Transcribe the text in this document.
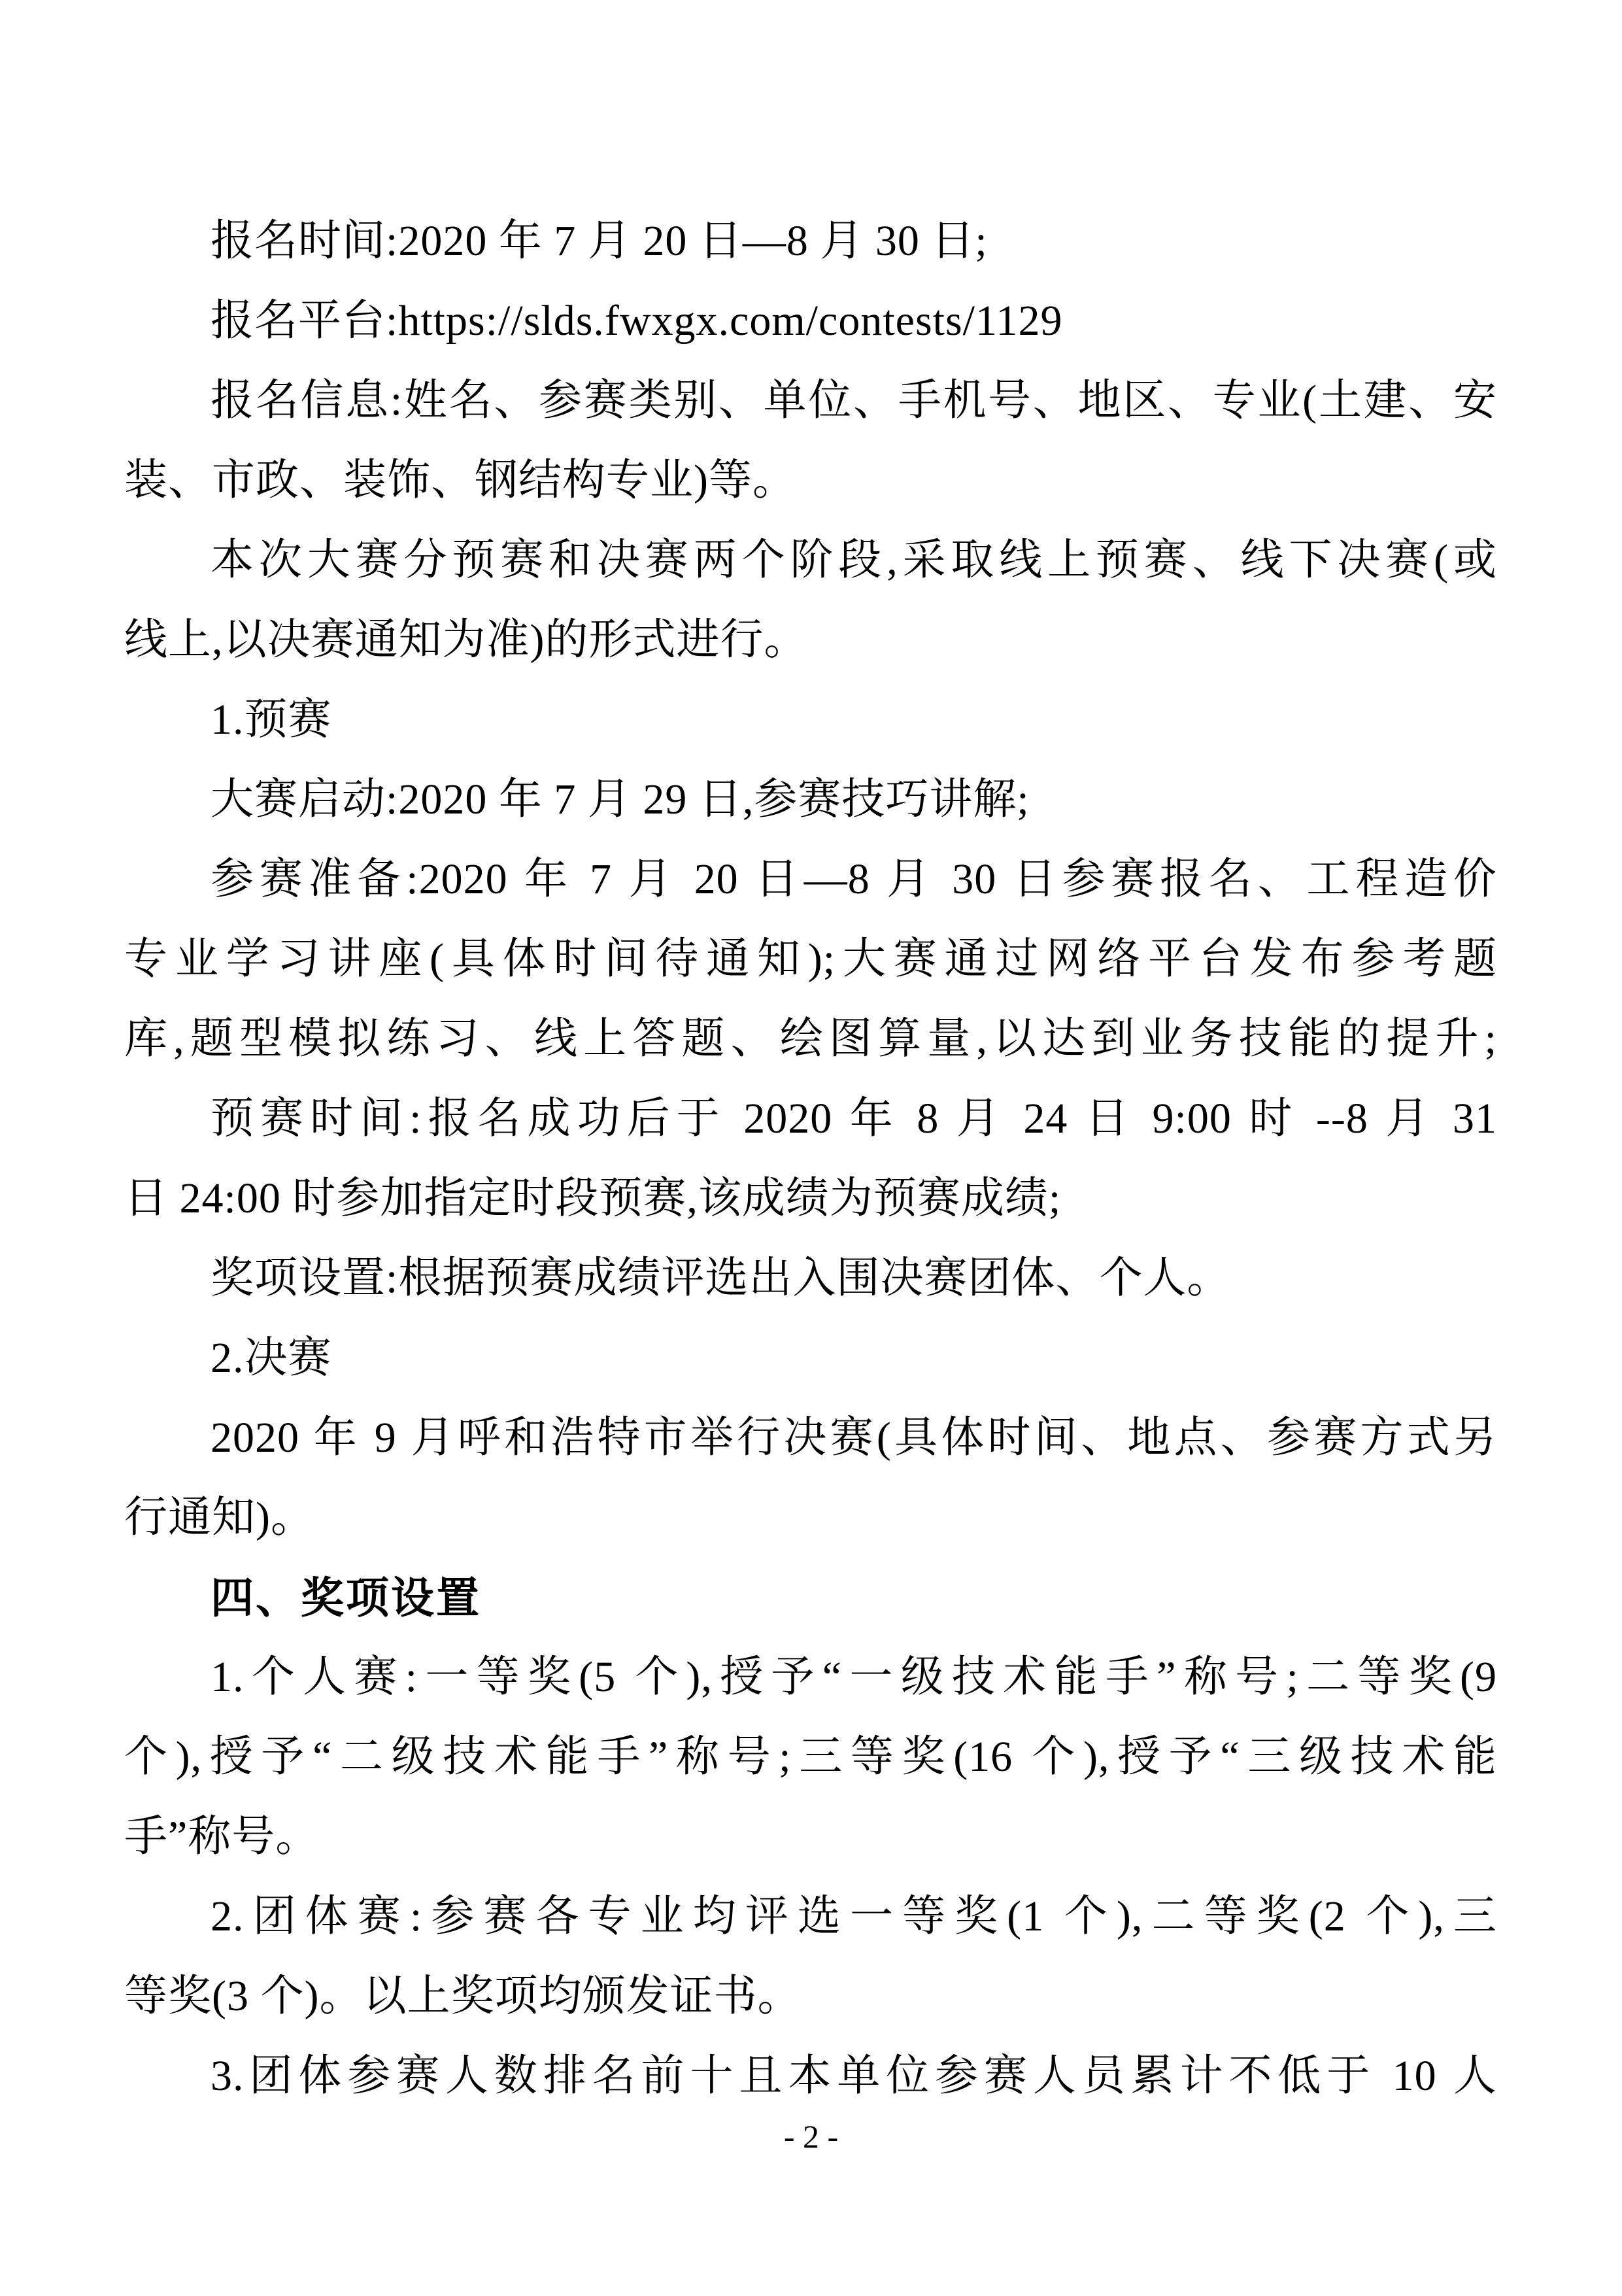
报名时间:2020 年 7 月 20 日—8 月 30 日;
报名平台:https://slds.fwxgx.com/contests/1129
报名信息:姓名、参赛类别、单位、手机号、地区、专业(土建、安
装、市政、装饰、钢结构专业)等。
本次大赛分预赛和决赛两个阶段,采取线上预赛、线下决赛(或
线上,以决赛通知为准)的形式进行。
1.预赛
大赛启动:2020 年 7 月 29 日,参赛技巧讲解;
参赛准备:2020 年 7 月 20 日—8 月 30 日参赛报名、工程造价
专业学习讲座(具体时间待通知);大赛通过网络平台发布参考题
库,题型模拟练习、线上答题、绘图算量,以达到业务技能的提升;
预赛时间:报名成功后于 2020 年 8 月 24 日 9:00 时 --8 月 31
日 24:00 时参加指定时段预赛,该成绩为预赛成绩;
奖项设置:根据预赛成绩评选出入围决赛团体、个人。
2.决赛
2020 年 9 月呼和浩特市举行决赛(具体时间、地点、参赛方式另
行通知)。
四、奖项设置
1.个人赛:一等奖(5 个),授予“一级技术能手”称号;二等奖(9
个),授予“二级技术能手”称号;三等奖(16 个),授予“三级技术能
手”称号。
2.团体赛:参赛各专业均评选一等奖(1 个),二等奖(2 个),三
等奖(3 个)。以上奖项均颁发证书。
3.团体参赛人数排名前十且本单位参赛人员累计不低于 10 人
- 2 -
